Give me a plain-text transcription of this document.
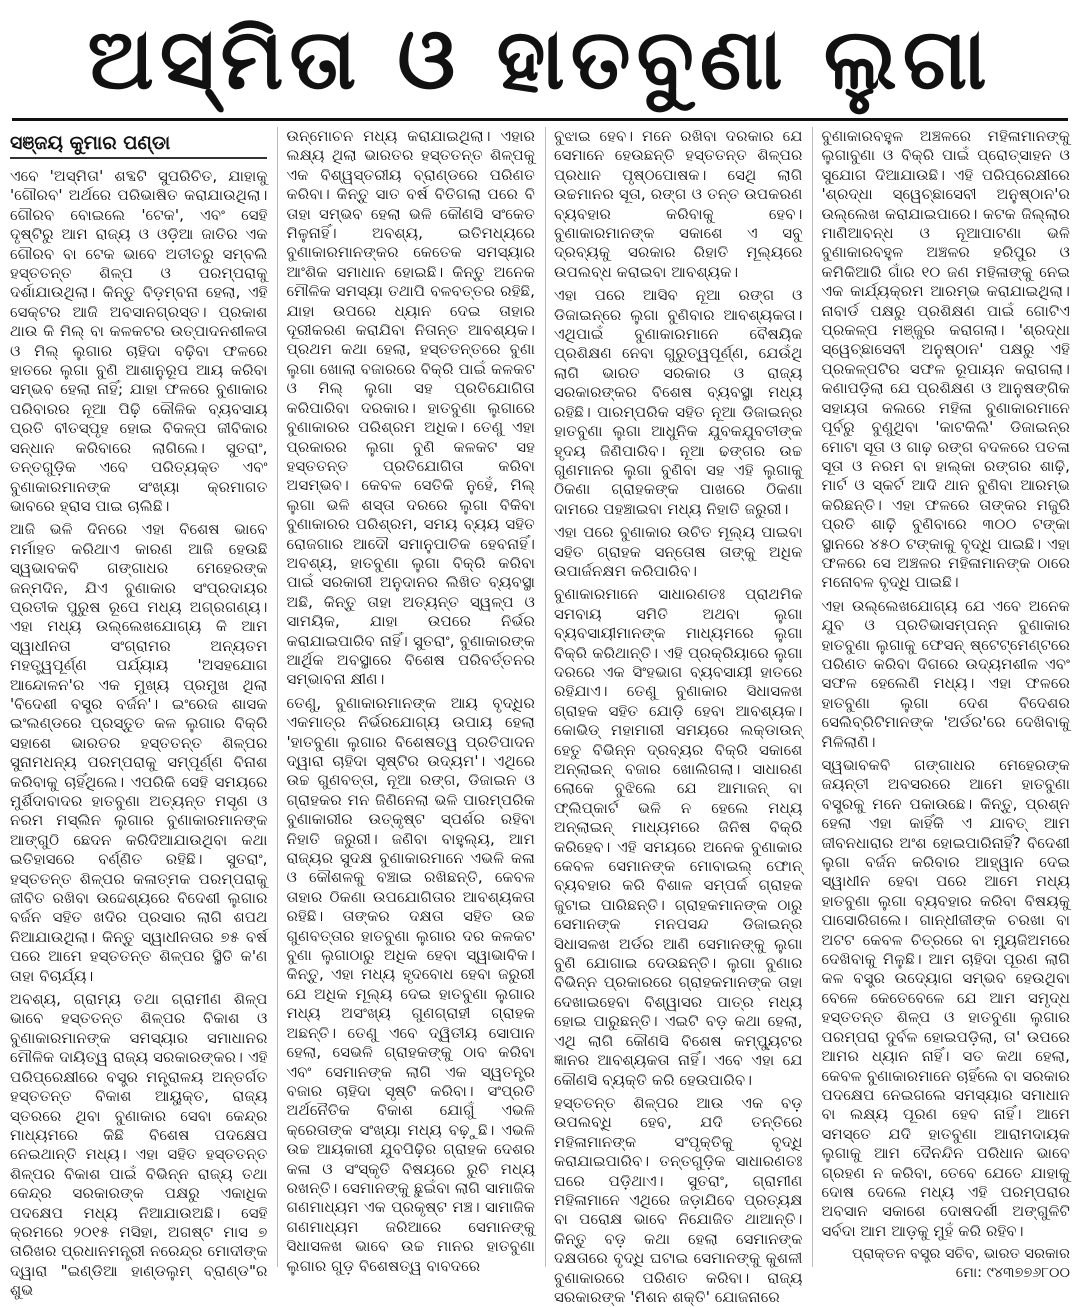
ଅସ୍ମିତା ଓ ହାତବୁଣା ଲୁଗା
ସଞ୍ଜୟ କୁମାର ପଣ୍ଡା

ଏବେ 'ଅସ୍ମିତା' ଶବ୍ଦଟି ସୁପରିଚିତ, ଯାହାକୁ 'ଗୌରବ' ଅର୍ଥରେ ପରିଭାଷିତ କରାଯାଉଥିଲା। ଗୌରବ ବୋଇଲେ 'ଟେକ', ଏବଂ ସେହି ଦୃଷ୍ଟିରୁ ଆମ ରାଜ୍ୟ ଓ ଓଡ଼ିଆ ଜାତିର ଏକ ଗୌରବ ବା ଟେକ ଭାବେ ଅତୀତରୁ ସମ୍ବଲି ହସ୍ତତନ୍ତ ଶିଳ୍ପ ଓ ପରମ୍ପରାକୁ ଦର୍ଶାଯାଉଥିଲା। କିନ୍ତୁ ବିଡ଼ମ୍ବନା ହେଲା, ଏହି ସେକ୍ଟର ଆଜି ଅବସାନଗ୍ରସ୍ତ। ପ୍ରକାଶ ଥାଉ କି ମିଲ୍ ବା କଳକଟର ଉତ୍ପାଦନଶୀଳତା ଓ ମିଲ୍ ଲୁଗାର ଚାହିଦା ବଢ଼ିବା ଫଳରେ ହାତରେ ଲୁଗା ବୁଣି ଆଶାନୁରୂପ ଆୟ କରିବା ସମ୍ଭବ ହେଲା ନାହିଁ; ଯାହା ଫଳରେ ବୁଣାକାର ପରିବାରର ନୂଆ ପିଢ଼ି କୌଳିକ ବ୍ୟବସାୟ ପ୍ରତି ବୀତସ୍ପୃହ ହୋଇ ବିକଳ୍ପ ଜୀବିକାର ସନ୍ଧାନ କରିବାରେ ଲାଗିଲେ। ସୁତରାଂ, ତନ୍ତଗୁଡ଼ିକ ଏବେ ପରିତ୍ୟକ୍ତ ଏବଂ ବୁଣାକାରମାନଙ୍କ ସଂଖ୍ୟା କ୍ରମାଗତ ଭାବରେ ହ୍ରାସ ପାଇ ଚାଲିଛି।

ଆଜି ଭଳି ଦିନରେ ଏହା ବିଶେଷ ଭାବେ ମର୍ମାହତ କରିଥାଏ କାରଣ ଆଜି ହେଉଛି ସ୍ୱଭାବକବି ଗଙ୍ଗାଧର ମେହେରଙ୍କ ଜନ୍ମଦିନ, ଯିଏ ବୁଣାକାର ସଂପ୍ରଦାୟର ପ୍ରତୀକ ପୁରୁଷ ରୂପେ ମଧ୍ୟ ଅଗ୍ରଗଣ୍ୟ। ଏହା ମଧ୍ୟ ଉଲ୍ଲେଖଯୋଗ୍ୟ କି ଆମ ସ୍ୱାଧୀନତା ସଂଗ୍ରାମର ଅନ୍ୟତମ ମହତ୍ତ୍ୱପୂର୍ଣ୍ଣ ପର୍ଯ୍ୟାୟ 'ଅସହଯୋଗ ଆନ୍ଦୋଳନ'ର ଏକ ମୁଖ୍ୟ ପ୍ରମୁଖ ଥିଲା 'ବିଦେଶୀ ବସ୍ତ୍ର ବର୍ଜନ'। ଇଂରେଜ ଶାସକ ଇଂଲଣ୍ଡରେ ପ୍ରସ୍ତୁତ କଳ ଲୁଗାର ବିକ୍ରି ସହାଶେ ଭାରତର ହସ୍ତତନ୍ତ ଶିଳ୍ପର ସୁନାମଧନ୍ୟ ପରମ୍ପରାକୁ ସମ୍ପୂର୍ଣ୍ଣ ବିନାଶ କରିବାକୁ ଚାହିଁଥିଲେ। ଏପରିକି ସେହି ସମୟରେ ମୁର୍ଶିଦାବାଦର ହାତବୁଣା ଅତ୍ୟନ୍ତ ମସୃଣ ଓ ନରମ ମସ୍ଲିନ ଲୁଗାର ବୁଣାକାରମାନଙ୍କ ଆଙ୍ଗୁଠି ଛେଦନ କରିଦିଆଯାଉଥିବା କଥା ଇତିହାସରେ ବର୍ଣ୍ଣିତ ରହିଛି। ସୁତରାଂ, ହସ୍ତତନ୍ତ ଶିଳ୍ପର କଳାତ୍ମକ ପରମ୍ପରାକୁ ଜୀବିତ ରଖିବା ଉଦ୍ଦେଶ୍ୟରେ ବିଦେଶୀ ଲୁଗାର ବର୍ଜନ ସହିତ ଖଦିର ପ୍ରସାର ଲାଗି ଶପଥ ନିଆଯାଉଥିଲା। କିନ୍ତୁ ସ୍ୱାଧୀନତାର ୭୫ ବର୍ଷ ପରେ ଆମେ ହସ୍ତତନ୍ତ ଶିଳ୍ପର ସ୍ଥିତି କ'ଣ ତାହା ବିଚାର୍ଯ୍ୟ।

ଅବଶ୍ୟ, ଗ୍ରାମ୍ୟ ତଥା ଗ୍ରାମୀଣ ଶିଳ୍ପ ଭାବେ ହସ୍ତତନ୍ତ ଶିଳ୍ପର ବିକାଶ ଓ ବୁଣାକାରମାନଙ୍କ ସମସ୍ୟାର ସମାଧାନର ମୌଳିକ ଦାୟିତ୍ୱ ରାଜ୍ୟ ସରକାରଙ୍କର। ଏହି ପରିପ୍ରେକ୍ଷୀରେ ବସ୍ତ୍ର ମନ୍ତ୍ରାଳୟ ଅନ୍ତର୍ଗତ ହସ୍ତତନ୍ତ ବିକାଶ ଆୟୁକ୍ତ, ରାଜ୍ୟ ସ୍ତରରେ ଥିବା ବୁଣାକାର ସେବା କେନ୍ଦ୍ର ମାଧ୍ୟମରେ କିଛି ବିଶେଷ ପଦକ୍ଷେପ ନେଇଥାନ୍ତି ମଧ୍ୟ। ଏହା ସହିତ ହସ୍ତତନ୍ତ ଶିଳ୍ପର ବିକାଶ ପାଇଁ ବିଭିନ୍ନ ରାଜ୍ୟ ତଥା କେନ୍ଦ୍ର ସରକାରଙ୍କ ପକ୍ଷରୁ ଏକାଧିକ ପଦକ୍ଷେପ ମଧ୍ୟ ନିଆଯାଉଅଛି। ସେହି କ୍ରମରେ ୨୦୧୫ ମସିହା, ଅଗଷ୍ଟ ମାସ ୭ ତାରିଖର ପ୍ରଧାନମନ୍ତ୍ରୀ ନରେନ୍ଦ୍ର ମୋଦୀଙ୍କ ଦ୍ୱାରା "ଇଣ୍ଡିଆ ହାଣ୍ଡଲୁମ୍ ବ୍ରାଣ୍ଡ"ର ଶୁଭ

ଉନ୍ମୋଚନ ମଧ୍ୟ କରାଯାଇଥିଲା। ଏହାର ଲକ୍ଷ୍ୟ ଥିଲା ଭାରତର ହସ୍ତତନ୍ତ ଶିଳ୍ପକୁ ଏକ ବିଶ୍ୱସ୍ତରୀୟ ବ୍ରାଣ୍ଡରେ ପରିଣତ କରିବା। କିନ୍ତୁ ସାତ ବର୍ଷ ବିତିଗଲା ପରେ ବି ତାହା ସମ୍ଭବ ହେଲା ଭଳି କୌଣସି ସଂକେତ ମିଳୁନାହିଁ। ଅବଶ୍ୟ, ଇତିମଧ୍ୟରେ ବୁଣାକାରମାନଙ୍କର କେତେକ ସମସ୍ୟାର ଆଂଶିକ ସମାଧାନ ହୋଇଛି। କିନ୍ତୁ ଅନେକ ମୌଳିକ ସମସ୍ୟା ତଥାପି ବଳବତ୍ତର ରହିଛି, ଯାହା ଉପରେ ଧ୍ୟାନ ଦେଇ ତାହାର ଦୂରୀକରଣ କରାଯିବା ନିତାନ୍ତ ଆବଶ୍ୟକ। ପ୍ରଥମ କଥା ହେଲା, ହସ୍ତତନ୍ତରେ ବୁଣା ଲୁଗା ଖୋଲା ବଜାରରେ ବିକ୍ରି ପାଇଁ କଳକଟ ଓ ମିଲ୍ ଲୁଗା ସହ ପ୍ରତିଯୋଗିତା କରିପାରିବା ଦରକାର। ହାତବୁଣା ଲୁଗାରେ ବୁଣାକାରର ପରିଶ୍ରମ ଅଧିକ। ତେଣୁ ଏହା ପ୍ରକାରର ଲୁଗା ବୁଣି କଳକଟ ସହ ହସ୍ତତନ୍ତ ପ୍ରତିଯୋଗିତା କରିବା ଅସମ୍ଭବ। କେବଳ ସେତିକି ନୁହେଁ, ମିଲ୍ ଲୁଗା ଭଳି ଶସ୍ତା ଦରରେ ଲୁଗା ବିକିବା ବୁଣାକାରର ପରିଶ୍ରମ, ସମୟ ବ୍ୟୟ ସହିତ ରୋଜଗାର ଆଦୌ ସମାନୁପାତିକ ହେବନାହିଁ। ଅବଶ୍ୟ, ହାତବୁଣା ଲୁଗା ବିକ୍ରି କରିବା ପାଇଁ ସରକାରୀ ଅନୁଦାନର ଲିଖିତ ବ୍ୟବସ୍ଥା ଅଛି, କିନ୍ତୁ ତାହା ଅତ୍ୟନ୍ତ ସ୍ୱଳ୍ପ ଓ ସାମୟିକ, ଯାହା ଉପରେ ନିର୍ଭର କରାଯାଇପାରିବ ନାହିଁ। ସୁତରାଂ, ବୁଣାକାରଙ୍କ ଆର୍ଥିକ ଅବସ୍ଥାରେ ବିଶେଷ ପରିବର୍ତ୍ତନର ସମ୍ଭାବନା କ୍ଷୀଣ।

ତେଣୁ, ବୁଣାକାରମାନଙ୍କ ଆୟ ବୃଦ୍ଧିର ଏକମାତ୍ର ନିର୍ଭରଯୋଗ୍ୟ ଉପାୟ ହେଲା 'ହାତବୁଣା ଲୁଗାର ବିଶେଷତ୍ୱ ପ୍ରତିପାଦନ ଦ୍ୱାରା ଚାହିଦା ସୃଷ୍ଟିର ଉଦ୍ୟମ'। ଏଥିରେ ଉଚ୍ଚ ଗୁଣବତ୍ତା, ନୂଆ ରଙ୍ଗ, ଡିଜାଇନ ଓ ଗ୍ରାହକର ମନ ଜିଣିନେଲା ଭଳି ପାରମ୍ପରିକ ବୁଣାକାରୀର ଉତ୍କୃଷ୍ଟ ସ୍ପର୍ଶର ରହିବା ନିହାତି ଜରୁରୀ। ଜଣିବା ବାହୁଲ୍ୟ, ଆମ ରାଜ୍ୟର ସୁଦକ୍ଷ ବୁଣାକାରମାନେ ଏଭଳି କଳା ଓ କୌଶଳକୁ ବଞ୍ଚାଇ ରଖିଛନ୍ତି, କେବଳ ତାହାର ଠିକଣା ଉପଯୋଗିତାର ଆବଶ୍ୟକତା ରହିଛି। ତାଙ୍କର ଦକ୍ଷତା ସହିତ ଉଚ୍ଚ ଗୁଣବତ୍ତାର ହାତବୁଣା ଲୁଗାର ଦର କଳକଟ ବୁଣା ଲୁଗାଠାରୁ ଅଧିକ ହେବା ସ୍ୱାଭାବିକ। କିନ୍ତୁ, ଏହା ମଧ୍ୟ ହୃଦବୋଧ ହେବା ଜରୁରୀ ଯେ ଅଧିକ ମୂଲ୍ୟ ଦେଇ ହାତବୁଣା ଲୁଗାର ମଧ୍ୟ ଅସଂଖ୍ୟ ଗୁଣଗ୍ରାହୀ ଗ୍ରାହକ ଅଛନ୍ତି। ତେଣୁ ଏବେ ଦ୍ୱିତୀୟ ସୋପାନ ହେଲା, ସେଭଳି ଗ୍ରାହକଙ୍କୁ ଠାବ କରିବା ଏବଂ ସେମାନଙ୍କ ଲାଗି ଏକ ସ୍ୱତନ୍ତ୍ର ବଜାର ଚାହିଦା ସୃଷ୍ଟି କରିବା। ସଂପ୍ରତି ଅର୍ଥନୈତିକ ବିକାଶ ଯୋଗୁଁ ଏଭଳି କ୍ରେତାଙ୍କ ସଂଖ୍ୟା ମଧ୍ୟ ବଢ଼ୁଛି। ଏଭଳି ଉଚ୍ଚ ଆୟକାରୀ ଯୁବପିଢ଼ିର ଗ୍ରାହକ ଦେଶର କଳା ଓ ସଂସ୍କୃତି ବିଷୟରେ ରୁଚି ମଧ୍ୟ ରଖନ୍ତି। ସେମାନଙ୍କୁ ଛୁଇଁବା ଲାଗି ସାମାଜିକ ଗଣମାଧ୍ୟମ ଏକ ପ୍ରକୃଷ୍ଟ ମଞ୍ଚ। ସାମାଜିକ ଗଣମାଧ୍ୟମ ଜରିଆରେ ସେମାନଙ୍କୁ ସିଧାସଳଖ ଭାବେ ଉଚ୍ଚ ମାନର ହାତବୁଣା ଲୁଗାର ଗୁଡ଼ ବିଶେଷତ୍ୱ ବାବଦରେ

ବୁଝାଇ ହେବ। ମନେ ରଖିବା ଦରକାର ଯେ ସେମାନେ ହେଉଛନ୍ତି ହସ୍ତତନ୍ତ ଶିଳ୍ପର ପ୍ରଧାନ ପୃଷ୍ଠପୋଷକ। ସେଥି ଲାଗି ଉଚ୍ଚମାନର ସୂତା, ରଙ୍ଗ ଓ ତନ୍ତ ଉପକରଣ ବ୍ୟବହାର କରିବାକୁ ହେବ। ବୁଣାକାରମାନଙ୍କ ସକାଶେ ଏ ସବୁ ଦ୍ରବ୍ୟକୁ ସରକାର ରିହାତି ମୂଲ୍ୟରେ ଉପଲବ୍ଧ କରାଇବା ଆବଶ୍ୟକ।

ଏହା ପରେ ଆସିବ ନୂଆ ରଙ୍ଗ ଓ ଡିଜାଇନ୍‌ରେ ଲୁଗା ବୁଣିବାର ଆବଶ୍ୟକତା। ଏଥିପାଇଁ ବୁଣାକାରମାନେ ବୈଷୟିକ ପ୍ରଶିକ୍ଷଣ ନେବା ଗୁରୁତ୍ୱପୂର୍ଣ୍ଣ, ଯେଉଁଥି ଲାଗି ଭାରତ ସରକାର ଓ ରାଜ୍ୟ ସରକାରଙ୍କର ବିଶେଷ ବ୍ୟବସ୍ଥା ମଧ୍ୟ ରହିଛି। ପାରମ୍ପରିକ ସହିତ ନୂଆ ଡିଜାଇନ୍‌ର ହାତବୁଣା ଲୁଗା ଆଧୁନିକ ଯୁବକଯୁବତୀଙ୍କ ହୃଦୟ ଜିଣିପାରିବ। ନୂଆ ଢଙ୍ଗର ଉଚ୍ଚ ଗୁଣମାନର ଲୁଗା ବୁଣିବା ସହ ଏହି ଲୁଗାକୁ ଠିକଣା ଗ୍ରାହକଙ୍କ ପାଖରେ ଠିକଣା ଦାମରେ ପହଞ୍ଚାଇବା ମଧ୍ୟ ନିହାତି ଜରୁରୀ।

ଏହା ପରେ ବୁଣାକାର ଉଚିତ ମୂଲ୍ୟ ପାଇବା ସହିତ ଗ୍ରାହକ ସନ୍ତୋଷ ତାଙ୍କୁ ଅଧିକ ଉପାର୍ଜନକ୍ଷମ କରିପାରିବ।

ବୁଣାକାରମାନେ ସାଧାରଣତଃ ପ୍ରାଥମିକ ସମବାୟ ସମିତି ଅଥବା ଲୁଗା ବ୍ୟବସାୟୀମାନଙ୍କ ମାଧ୍ୟମରେ ଲୁଗା ବିକ୍ରି କରିଥାନ୍ତି। ଏହି ପ୍ରକ୍ରିୟାରେ ଲୁଗା ଦରରେ ଏକ ସିଂହଭାଗ ବ୍ୟବସାୟୀ ହାତରେ ରହିଯାଏ। ତେଣୁ ବୁଣାକାର ସିଧାସଳଖ ଗ୍ରାହକ ସହିତ ଯୋଡ଼ି ହେବା ଆବଶ୍ୟକ। କୋଭିଡ୍ ମହାମାରୀ ସମୟରେ ଲକ୍‌ଡାଉନ୍ ହେତୁ ବିଭିନ୍ନ ଦ୍ରବ୍ୟର ବିକ୍ରି ସକାଶେ ଅନ୍‌ଲାଇନ୍ ବଜାର ଖୋଲିଗଲା। ସାଧାରଣ ଲୋକେ ବୁଝିଲେ ଯେ ଆମାଜନ୍ ବା ଫ୍ଲିପ୍‌କାର୍ଟ ଭଳି ନ ହେଲେ ମଧ୍ୟ ଅନ୍‌ଲାଇନ୍ ମାଧ୍ୟମରେ ଜିନିଷ ବିକ୍ରି କରିହେବ। ଏହି ସମୟରେ ଅନେକ ବୁଣାକାର କେବଳ ସେମାନଙ୍କ ମୋବାଇଲ୍ ଫୋନ୍ ବ୍ୟବହାର କରି ବିଶାଳ ସମ୍ପର୍କ ଗ୍ରାହକ ଜୁଟାଇ ପାରିଛନ୍ତି। ଗ୍ରାହକମାନଙ୍କ ଠାରୁ ସେମାନଙ୍କ ମନପସନ୍ଦ ଡିଜାଇନ୍‌ର ସିଧାସଳଖ ଅର୍ଡର ଆଣି ସେମାନଙ୍କୁ ଲୁଗା ବୁଣି ଯୋଗାଇ ଦେଉଛନ୍ତି। ଲୁଗା ବୁଣାର ବିଭିନ୍ନ ପ୍ରକାରରେ ଗ୍ରାହକମାନଙ୍କ ତାହା ଦେଖାଇହେବା ବିଶ୍ୱାସର ପାତ୍ର ମଧ୍ୟ ହୋଇ ପାରୁଛନ୍ତି। ଏଇଟି ବଡ଼ କଥା ହେଲା, ଏଥି ଲାଗି କୌଣସି ବିଶେଷ କମ୍ପ୍ୟୁଟର ଜ୍ଞାନର ଆବଶ୍ୟକତା ନାହିଁ। ଏବେ ଏହା ଯେ କୌଣସି ବ୍ୟକ୍ତି କରି ହେଉପାରିବ।

ହସ୍ତତନ୍ତ ଶିଳ୍ପର ଆଉ ଏକ ବଡ଼ ଉପଲବ୍ଧି ହେବ, ଯଦି ତନ୍ତିରେ ମହିଳାମାନଙ୍କ ସଂପୃକ୍ତିକୁ ବୃଦ୍ଧି କରାଯାଇପାରିବ। ତନ୍ତଗୁଡ଼ିକ ସାଧାରଣତଃ ଘରେ ପଡ଼ିଥାଏ। ସୁତରାଂ, ଗ୍ରାମୀଣ ମହିଳାମାନେ ଏଥିରେ ଜଡ଼ାଯିବେ ପ୍ରତ୍ୟକ୍ଷ ବା ପରୋକ୍ଷ ଭାବେ ନିଯୋଜିତ ଥାଆନ୍ତି। କିନ୍ତୁ ବଡ଼ କଥା ହେଲା ସେମାନଙ୍କ ଦକ୍ଷତାରେ ବୃଦ୍ଧି ଘଟାଇ ସେମାନଙ୍କୁ କୁଶଳୀ ବୁଣାକାରରେ ପରିଣତ କରିବା। ରାଜ୍ୟ ସରକାରଙ୍କ 'ମିଶନ ଶକ୍ତି' ଯୋଜନାରେ

ବୁଣାକାରବହୁଳ ଅଞ୍ଚଳରେ ମହିଳାମାନଙ୍କୁ ଲୁଗାବୁଣା ଓ ବିକ୍ରି ପାଇଁ ପ୍ରୋତ୍ସାହନ ଓ ସୁଯୋଗ ଦିଆଯାଉଛି। ଏହି ପରିପ୍ରେକ୍ଷୀରେ 'ଶ୍ରଦ୍ଧା ସ୍ୱେଚ୍ଛାସେବୀ ଅନୁଷ୍ଠାନ'ର ଉଲ୍ଲେଖ କରାଯାଇପାରେ। କଟକ ଜିଲ୍ଲାର ମାଣିଆବନ୍ଧ ଓ ନୂଆପାଟଣା ଭଳି ବୁଣାକାରବହୁଳ ଅଞ୍ଚଳର ହରିପୁର ଓ କମିକିଆରି ଗାଁର ୧୦ ଜଣ ମହିଳାଙ୍କୁ ନେଇ ଏକ କାର୍ଯ୍ୟକ୍ରମ ଆରମ୍ଭ କରାଯାଇଥିଲା। ନାବାର୍ଡ ପକ୍ଷରୁ ପ୍ରଶିକ୍ଷଣ ପାଇଁ ଗୋଟିଏ ପ୍ରକଳ୍ପ ମଞ୍ଜୁର କରାଗଲା। 'ଶ୍ରଦ୍ଧା ସ୍ୱେଚ୍ଛାସେବୀ ଅନୁଷ୍ଠାନ' ପକ୍ଷରୁ ଏହି ପ୍ରକଳ୍ପଟିର ସଫଳ ରୂପାୟନ କରାଗଲା। କଣାପଡ଼ିଲା ଯେ ପ୍ରଶିକ୍ଷଣ ଓ ଆନୁଷଙ୍ଗିକ ସହାୟତା କଲରେ ମହିଳା ବୁଣାକାରମାନେ ପୂର୍ବରୁ ବୁଣୁଥିବା 'କାଟକିଲି' ଡିଜାଇନ୍‌ର ମୋଟା ସୂତା ଓ ଗାଢ଼ ରଙ୍ଗ ବଦଳରେ ପତଳା ସୂତା ଓ ନରମ ବା ହାଲ୍‌କା ରଙ୍ଗର ଶାଢ଼ି, ମାର୍ଟ ଓ ସ୍କର୍ଟ ଆଦି ଥାନ ବୁଣିବା ଆରମ୍ଭ କରିଛନ୍ତି। ଏହା ଫଳରେ ତାଙ୍କର ମଜୁରି ପ୍ରତି ଶାଢ଼ି ବୁଣିବାରେ ୩୦୦ ଟଙ୍କା ସ୍ଥାନରେ ୪୫୦ ଟଙ୍କାକୁ ବୃଦ୍ଧି ପାଇଛି। ଏହା ଫଳରେ ସେ ଅଞ୍ଚଳର ମହିଳାମାନଙ୍କ ଠାରେ ମନୋବଳ ବୃଦ୍ଧି ପାଇଛି।

ଏହା ଉଲ୍ଲେଖଯୋଗ୍ୟ ଯେ ଏବେ ଅନେକ ଯୁବ ଓ ପ୍ରତିଭାସମ୍ପନ୍ନ ବୁଣାକାର ହାତବୁଣା ଲୁଗାକୁ ଫେସନ୍ ଷ୍ଟେଟ୍‌ମେଣ୍ଟରେ ପରିଣତ କରିବା ଦିଗରେ ଉଦ୍ୟମଶୀଳ ଏବଂ ସଫଳ ହେଲେଣି ମଧ୍ୟ। ଏହା ଫଳରେ ହାତବୁଣା ଲୁଗା ଦେଶ ବିଦେଶର ସେଲିବ୍ରିଟିମାନଙ୍କ 'ଅର୍ଡର'ରେ ଦେଖିବାକୁ ମିଳିଲାଣି।

ସ୍ୱଭାବକବି ଗଙ୍ଗାଧର ମେହେରଙ୍କ ଜୟନ୍ତୀ ଅବସରରେ ଆମେ ହାତବୁଣା ବସ୍ତ୍ରକୁ ମନେ ପକାଉଛେ। କିନ୍ତୁ, ପ୍ରଶ୍ନ ହେଲା ଏହା କାହିଁକି ଏ ଯାବତ୍ ଆମ ଜୀବନଧାରାର ଅଂଶ ହୋଇପାରିନାହିଁ? ବିଦେଶୀ ଲୁଗା ବର୍ଜନ କରିବାର ଆହ୍ୱାନ ଦେଇ ସ୍ୱାଧୀନ ହେବା ପରେ ଆମେ ମଧ୍ୟ ହାତବୁଣା ଲୁଗା ବ୍ୟବହାର କରିବା ବିଷୟକୁ ପାସୋରିଗଲେ। ଗାନ୍ଧୀଜୀଙ୍କ ଚରଖା ବା ଅଟଟ କେବଳ ଚିତ୍ରରେ ବା ମ୍ୟୁଜିଅମରେ ଦେଖିବାକୁ ମିଳୁଛି। ଆମ ଚାହିଦା ପୂରଣ ଲାଗି କଳ ବସ୍ତ୍ର ଉଦ୍ୟୋଗ ସମ୍ଭବ ହେଉଥିବା ବେଳେ କେତେବେଳେ ଯେ ଆମ ସମୃଦ୍ଧ ହସ୍ତତନ୍ତ ଶିଳ୍ପ ଓ ହାତବୁଣା ଲୁଗାର ପରମ୍ପରା ଦୁର୍ବଳ ହୋଇପଡ଼ିଲା, ତା' ଉପରେ ଆମର ଧ୍ୟାନ ନାହିଁ। ସତ କଥା ହେଲା, କେବଳ ବୁଣାକାରମାନେ ଚାହିଁଲେ ବା ସରକାର ପଦକ୍ଷେପ ନେଇଗଲେ ସମସ୍ୟାର ସମାଧାନ ବା ଲକ୍ଷ୍ୟ ପୂରଣ ହେବ ନାହିଁ। ଆମେ ସମସ୍ତେ ଯଦି ହାତବୁଣା ଆରାମଦାୟକ ଲୁଗାକୁ ଆମ ଦୈନନ୍ଦିନ ପରିଧାନ ଭାବେ ଗ୍ରହଣ ନ କରିବା, ତେବେ ଯେତେ ଯାହାକୁ ଦୋଷ ଦେଲେ ମଧ୍ୟ ଏହି ପରମ୍ପରାର ଅବସାନ ସକାଶେ ଦୋଷଦର୍ଶୀ ଅଙ୍ଗୁଳିଟି ସର୍ବଦା ଆମ ଆଡ଼କୁ ମୁହଁ କରି ରହିବ।

ପ୍ରାକ୍ତନ ବସ୍ତ୍ର ସଚିବ, ଭାରତ ସରକାର
ମୋ: ୯୪୩୭୭୬୮୦୦
